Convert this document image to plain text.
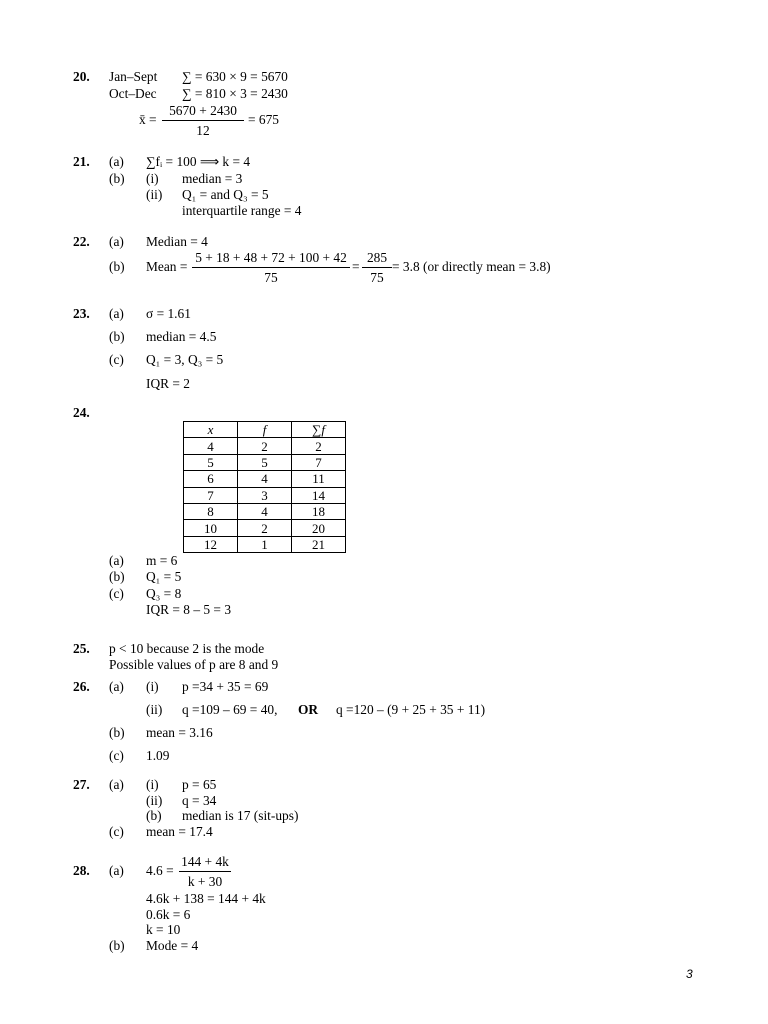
20. Jan–Sept ∑ = 630 × 9 = 5670
Oct–Dec ∑ = 810 × 3 = 2430
x̄ = $\frac{5670 + 2430}{12} = 675$
21. (a) ∑fᵢ = 100 ⟹ k = 4
(b) (i) median = 3
(ii) Q₁ = and Q₃ = 5
interquartile range = 4
22. (a) Median = 4
(b) Mean = $\frac{5 + 18 + 48 + 72 + 100 + 42}{75} = \frac{285}{75} = 3.8$ (or directly mean = 3.8)
23. (a) σ = 1.61
(b) median = 4.5
(c) Q₁ = 3, Q₃ = 5
IQR = 2
24.
x	f	∑f
4	2	2
5	5	7
6	4	11
7	3	14
8	4	18
10	2	20
12	1	21
(a) m = 6
(b) Q₁ = 5
(c) Q₃ = 8
IQR = 8 – 5 = 3
25. p < 10 because 2 is the mode
Possible values of p are 8 and 9
26. (a) (i) p =34 + 35 = 69
(ii) q =109 – 69 = 40, OR q =120 – (9 + 25 + 35 + 11)
(b) mean = 3.16
(c) 1.09
27. (a) (i) p = 65
(ii) q = 34
(b) median is 17 (sit-ups)
(c) mean = 17.4
28. (a) $4.6 = \frac{144 + 4k}{k + 30}$
4.6k + 138 = 144 + 4k
0.6k = 6
k = 10
(b) Mode = 4
3
